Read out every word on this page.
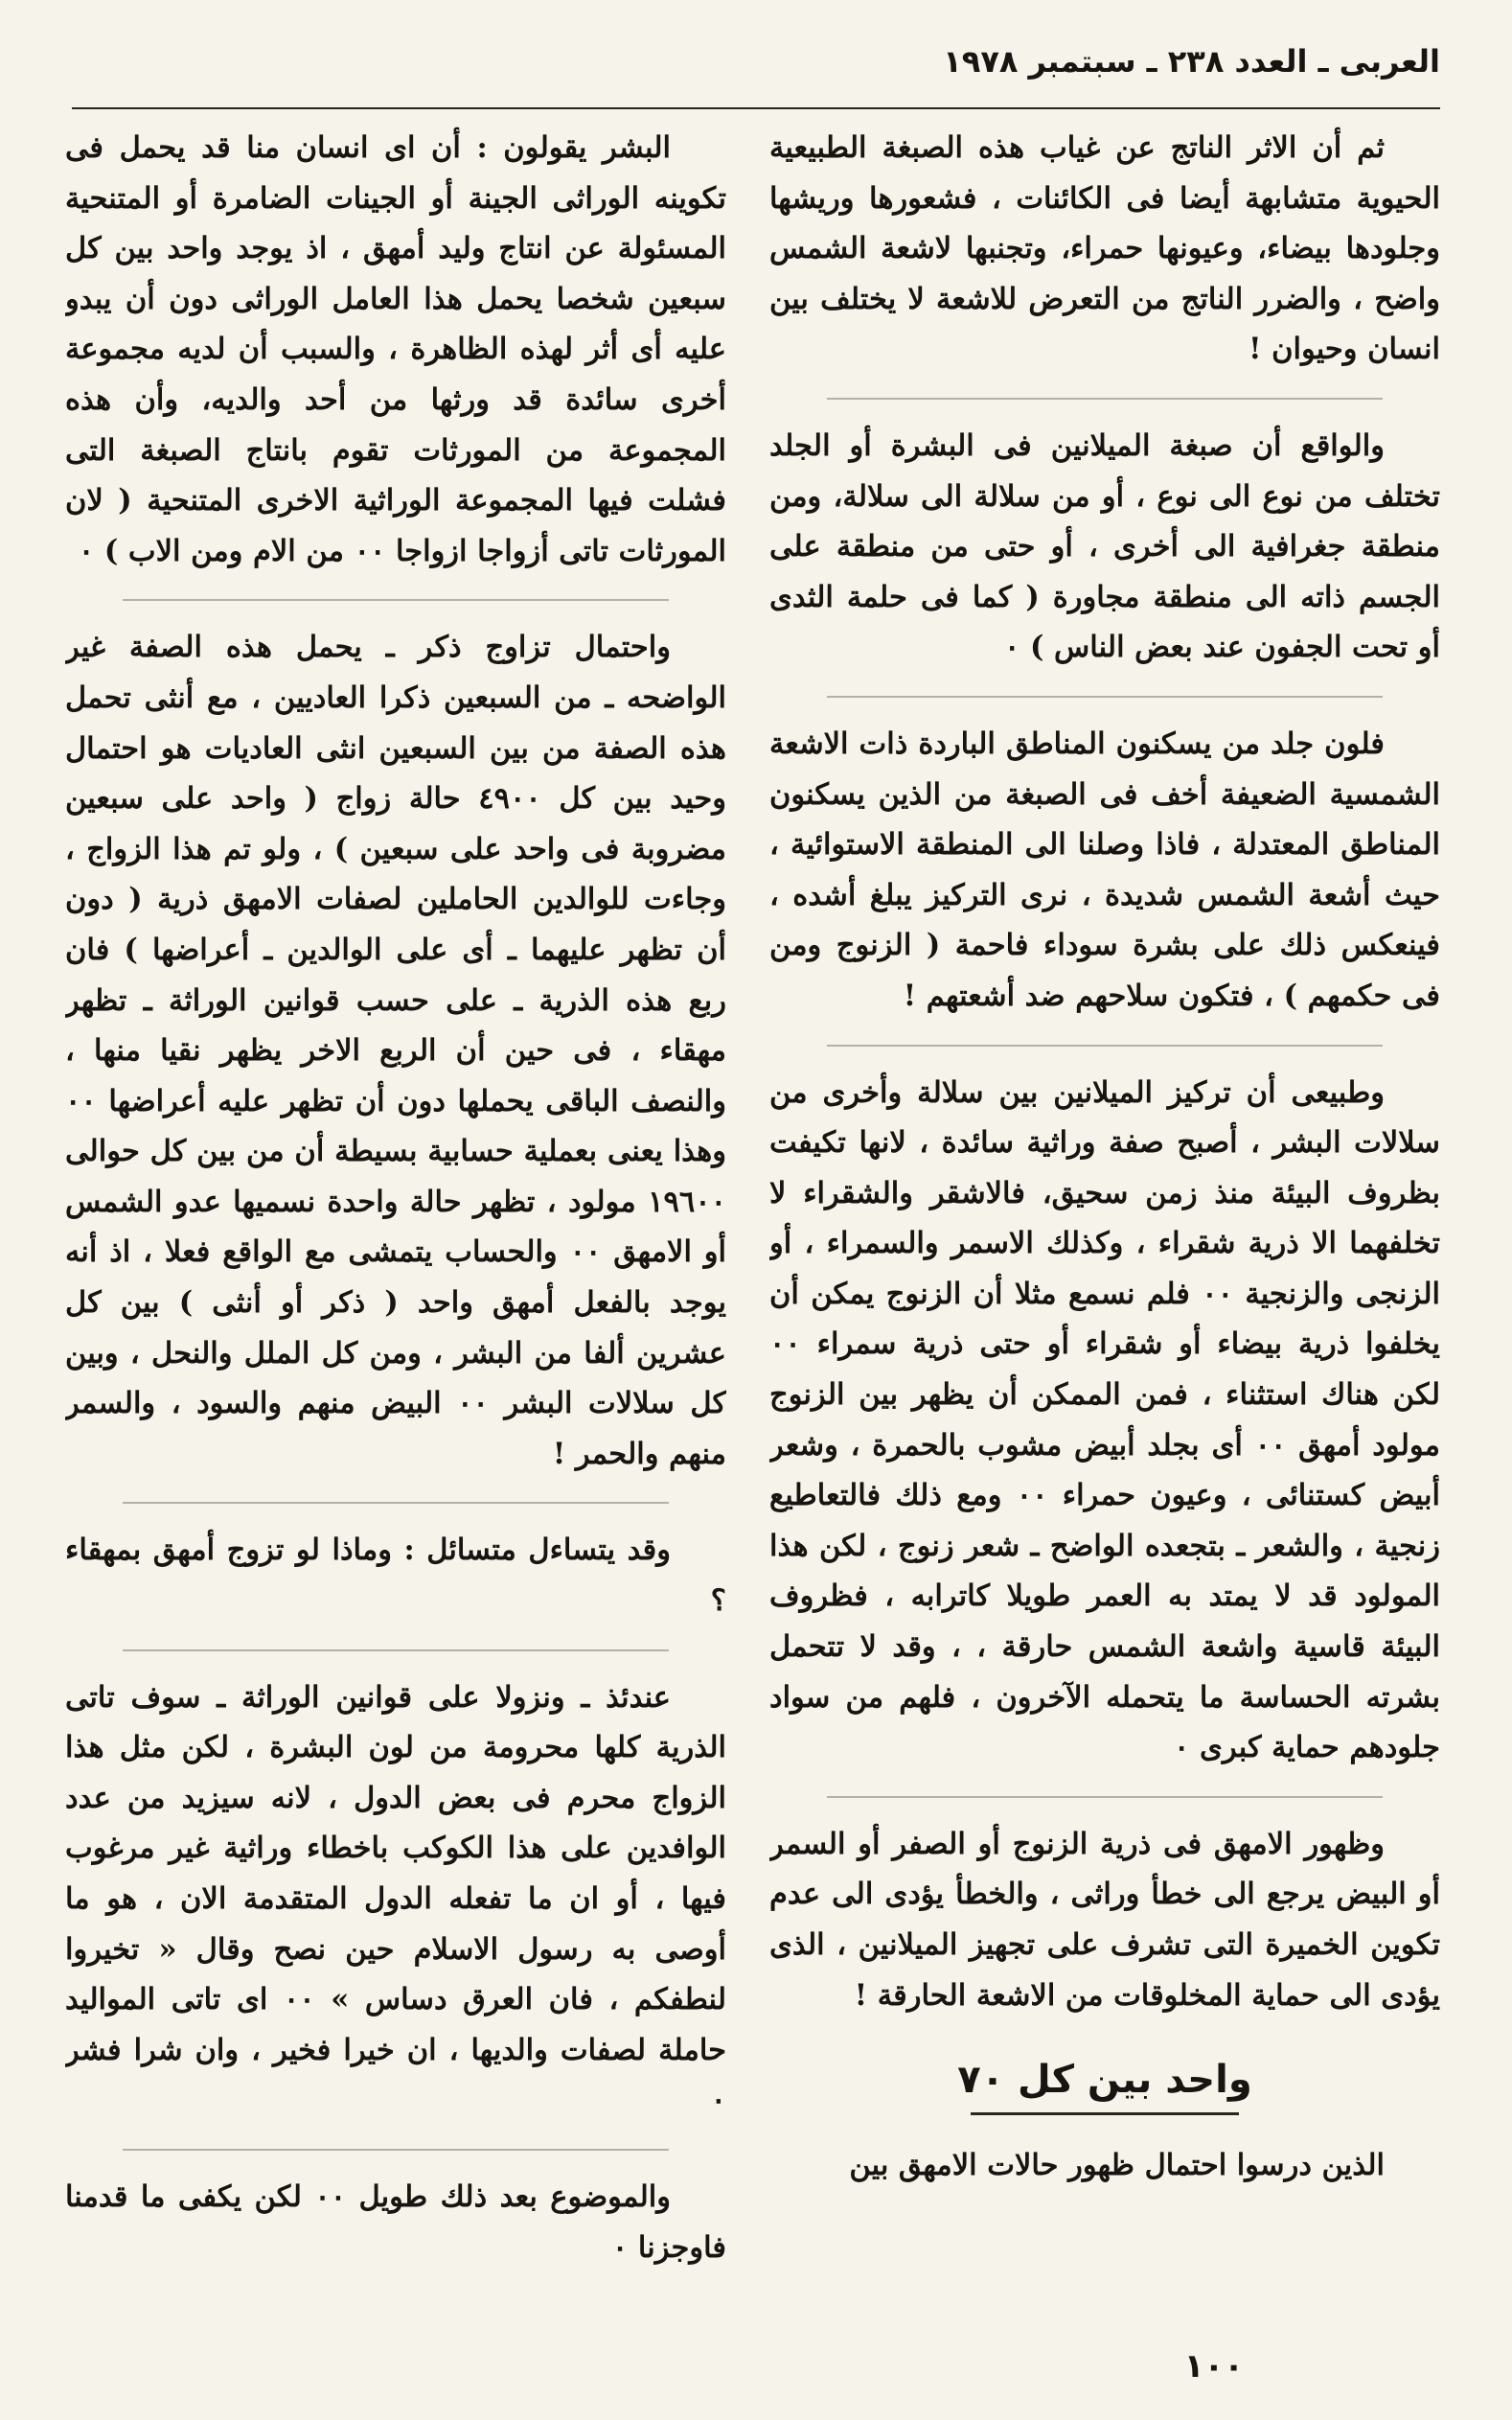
العربى ـ العدد ٢٣٨ ـ سبتمبر ١٩٧٨

ثم أن الاثر الناتج عن غياب هذه الصبغة الطبيعية الحيوية متشابهة أيضا فى الكائنات ، فشعورها وريشها وجلودها بيضاء، وعيونها حمراء، وتجنبها لاشعة الشمس واضح ، والضرر الناتج من التعرض للاشعة لا يختلف بين انسان وحيوان !

والواقع أن صبغة الميلانين فى البشرة أو الجلد تختلف من نوع الى نوع ، أو من سلالة الى سلالة، ومن منطقة جغرافية الى أخرى ، أو حتى من منطقة على الجسم ذاته الى منطقة مجاورة ( كما فى حلمة الثدى أو تحت الجفون عند بعض الناس ) ٠

فلون جلد من يسكنون المناطق الباردة ذات الاشعة الشمسية الضعيفة أخف فى الصبغة من الذين يسكنون المناطق المعتدلة ، فاذا وصلنا الى المنطقة الاستوائية ، حيث أشعة الشمس شديدة ، نرى التركيز يبلغ أشده ، فينعكس ذلك على بشرة سوداء فاحمة ( الزنوج ومن فى حكمهم ) ، فتكون سلاحهم ضد أشعتهم !

وطبيعى أن تركيز الميلانين بين سلالة وأخرى من سلالات البشر ، أصبح صفة وراثية سائدة ، لانها تكيفت بظروف البيئة منذ زمن سحيق، فالاشقر والشقراء لا تخلفهما الا ذرية شقراء ، وكذلك الاسمر والسمراء ، أو الزنجى والزنجية ٠٠ فلم نسمع مثلا أن الزنوج يمكن أن يخلفوا ذرية بيضاء أو شقراء أو حتى ذرية سمراء ٠٠ لكن هناك استثناء ، فمن الممكن أن يظهر بين الزنوج مولود أمهق ٠٠ أى بجلد أبيض مشوب بالحمرة ، وشعر أبيض كستنائى ، وعيون حمراء ٠٠ ومع ذلك فالتعاطيع زنجية ، والشعر ـ بتجعده الواضح ـ شعر زنوج ، لكن هذا المولود قد لا يمتد به العمر طويلا كاترابه ، فظروف البيئة قاسية واشعة الشمس حارقة ، ، وقد لا تتحمل بشرته الحساسة ما يتحمله الآخرون ، فلهم من سواد جلودهم حماية كبرى ٠

وظهور الامهق فى ذرية الزنوج أو الصفر أو السمر أو البيض يرجع الى خطأ وراثى ، والخطأ يؤدى الى عدم تكوين الخميرة التى تشرف على تجهيز الميلانين ، الذى يؤدى الى حماية المخلوقات من الاشعة الحارقة !

واحد بين كل ٧٠

الذين درسوا احتمال ظهور حالات الامهق بين

البشر يقولون : أن اى انسان منا قد يحمل فى تكوينه الوراثى الجينة أو الجينات الضامرة أو المتنحية المسئولة عن انتاج وليد أمهق ، اذ يوجد واحد بين كل سبعين شخصا يحمل هذا العامل الوراثى دون أن يبدو عليه أى أثر لهذه الظاهرة ، والسبب أن لديه مجموعة أخرى سائدة قد ورثها من أحد والديه، وأن هذه المجموعة من المورثات تقوم بانتاج الصبغة التى فشلت فيها المجموعة الوراثية الاخرى المتنحية ( لان المورثات تاتى أزواجا ازواجا ٠٠ من الام ومن الاب ) ٠

واحتمال تزاوج ذكر ـ يحمل هذه الصفة غير الواضحه ـ من السبعين ذكرا العاديين ، مع أنثى تحمل هذه الصفة من بين السبعين انثى العاديات هو احتمال وحيد بين كل ٤٩٠٠ حالة زواج ( واحد على سبعين مضروبة فى واحد على سبعين ) ، ولو تم هذا الزواج ، وجاءت للوالدين الحاملين لصفات الامهق ذرية ( دون أن تظهر عليهما ـ أى على الوالدين ـ أعراضها ) فان ربع هذه الذرية ـ على حسب قوانين الوراثة ـ تظهر مهقاء ، فى حين أن الربع الاخر يظهر نقيا منها ، والنصف الباقى يحملها دون أن تظهر عليه أعراضها ٠٠ وهذا يعنى بعملية حسابية بسيطة أن من بين كل حوالى ١٩٦٠٠ مولود ، تظهر حالة واحدة نسميها عدو الشمس أو الامهق ٠٠ والحساب يتمشى مع الواقع فعلا ، اذ أنه يوجد بالفعل أمهق واحد ( ذكر أو أنثى ) بين كل عشرين ألفا من البشر ، ومن كل الملل والنحل ، وبين كل سلالات البشر ٠٠ البيض منهم والسود ، والسمر منهم والحمر !

وقد يتساءل متسائل : وماذا لو تزوج أمهق بمهقاء ؟

عندئذ ـ ونزولا على قوانين الوراثة ـ سوف تاتى الذرية كلها محرومة من لون البشرة ، لكن مثل هذا الزواج محرم فى بعض الدول ، لانه سيزيد من عدد الوافدين على هذا الكوكب باخطاء وراثية غير مرغوب فيها ، أو ان ما تفعله الدول المتقدمة الان ، هو ما أوصى به رسول الاسلام حين نصح وقال « تخيروا لنطفكم ، فان العرق دساس » ٠٠ اى تاتى المواليد حاملة لصفات والديها ، ان خيرا فخير ، وان شرا فشر ٠

والموضوع بعد ذلك طويل ٠٠ لكن يكفى ما قدمنا فاوجزنا ٠

١٠٠
